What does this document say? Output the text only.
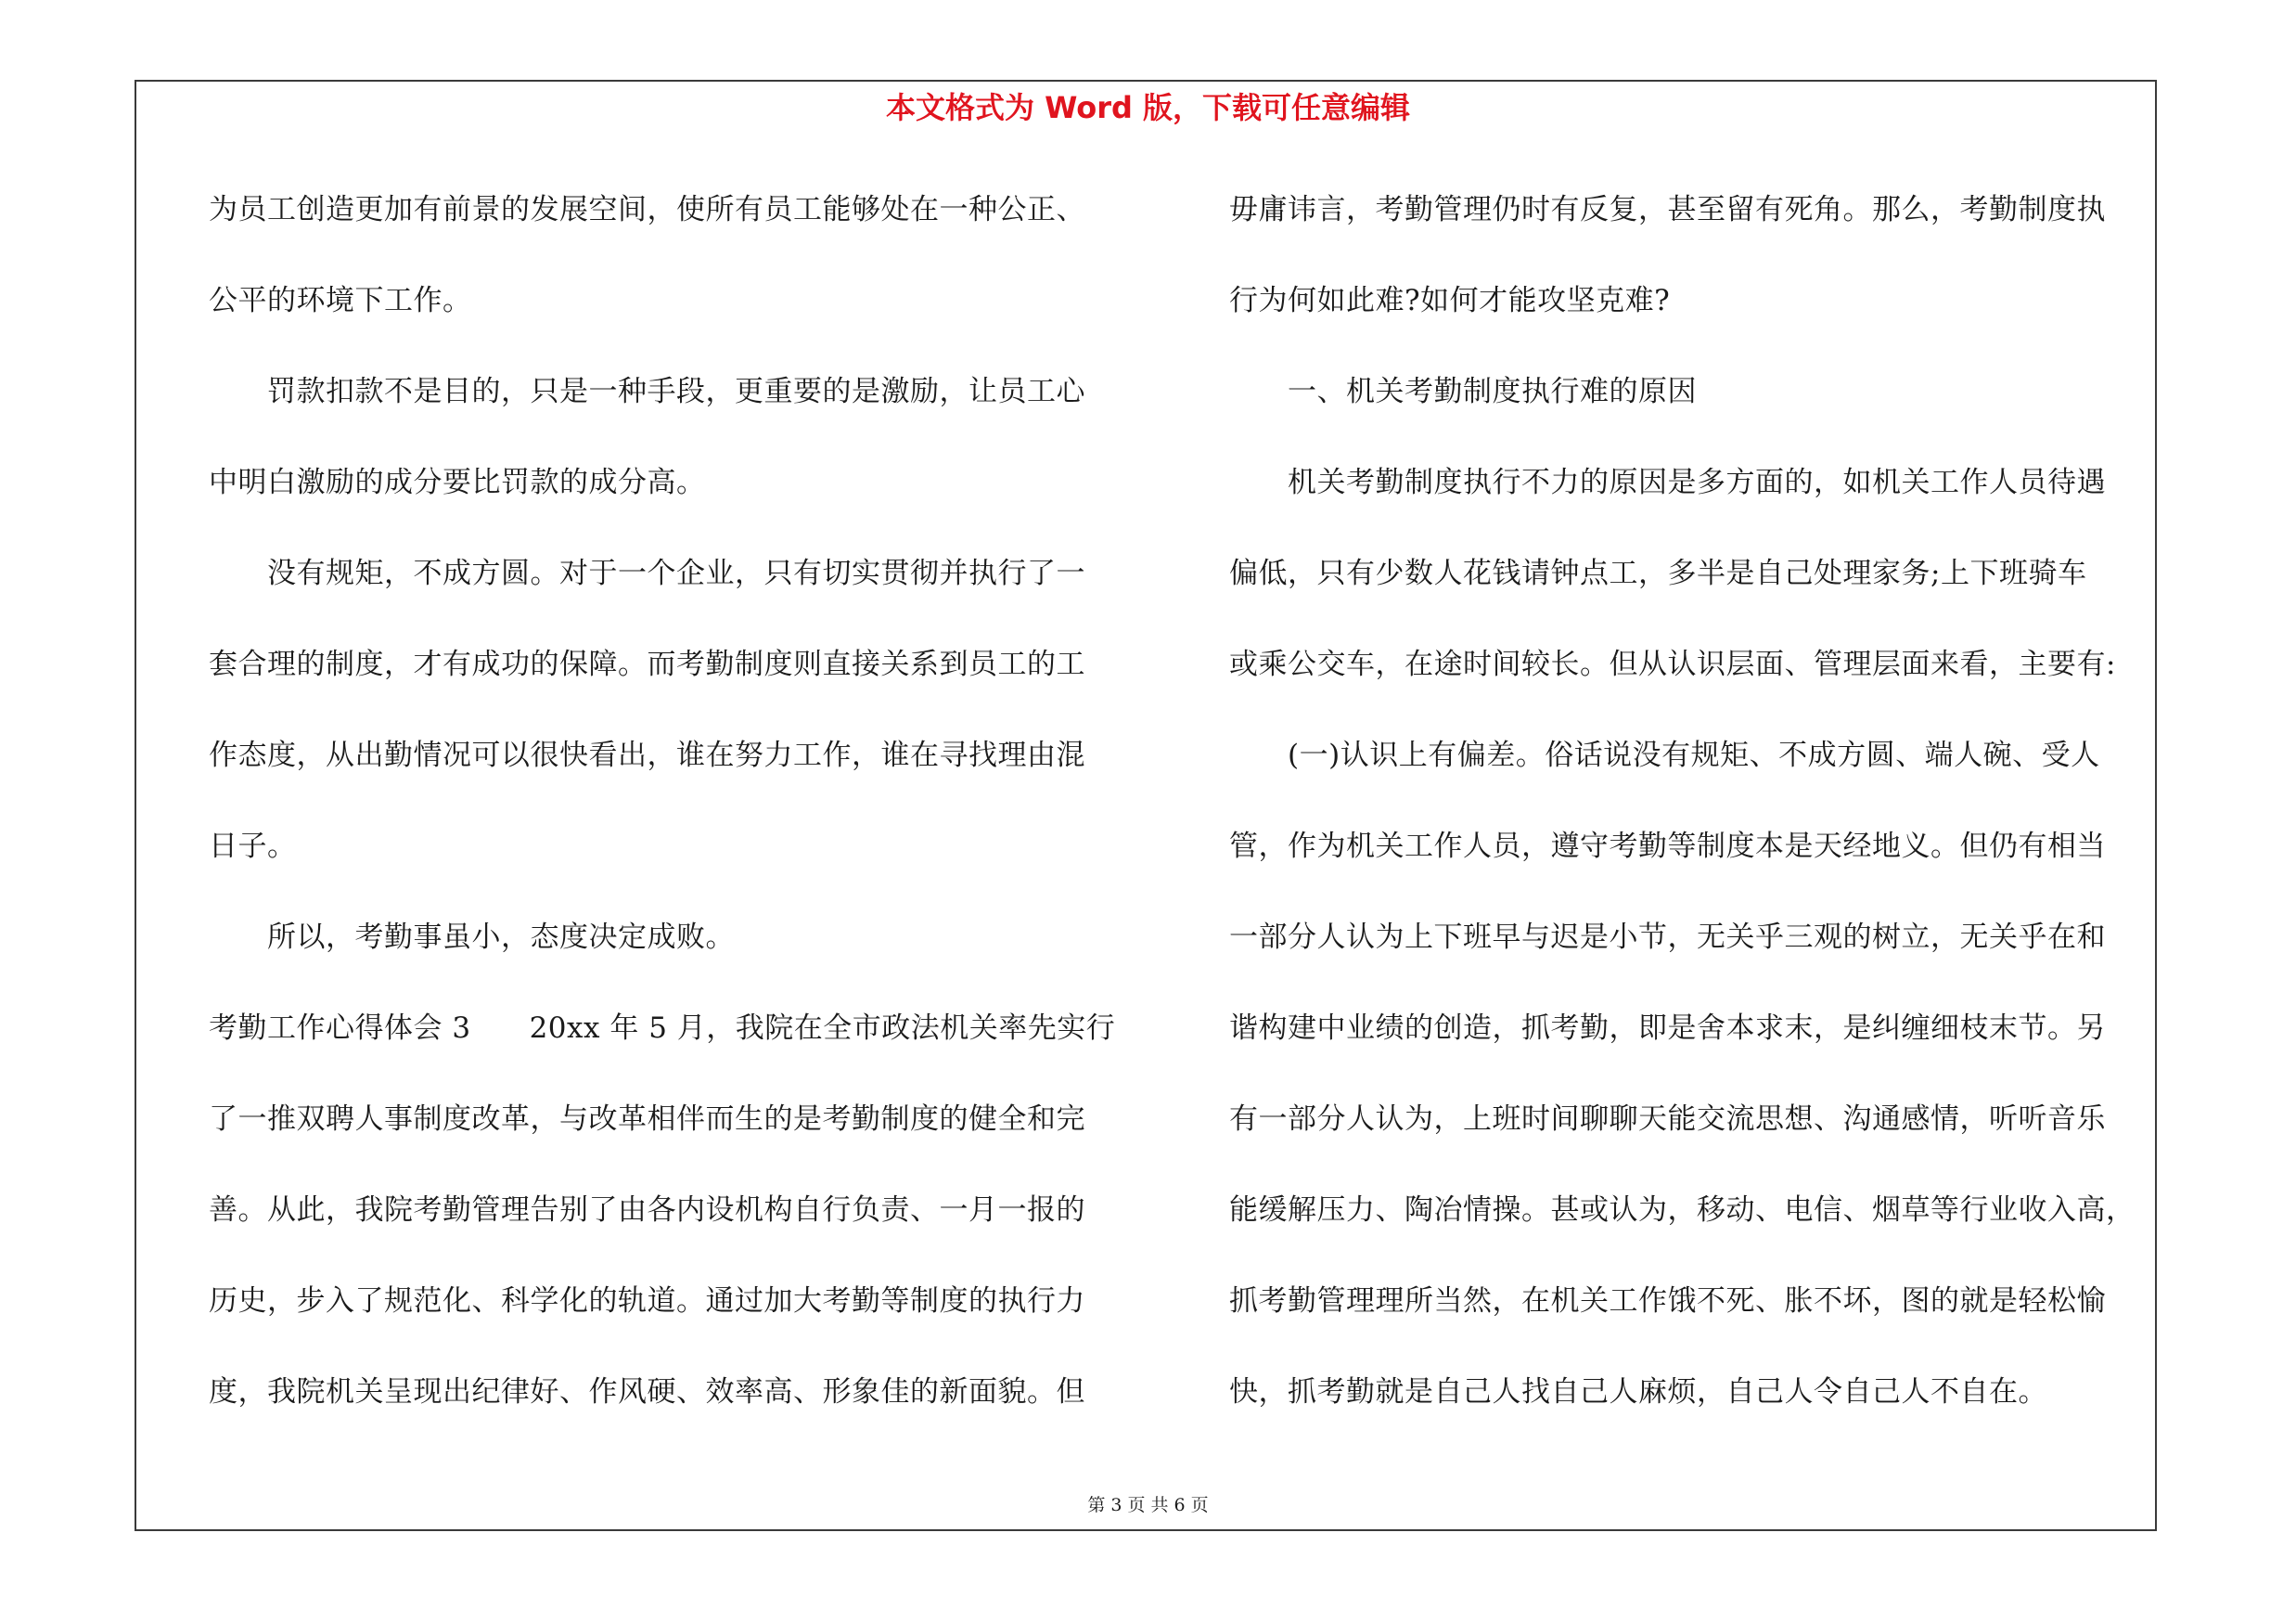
本文格式为 Word 版，下载可任意编辑
为员工创造更加有前景的发展空间，使所有员工能够处在一种公正、
公平的环境下工作。
罚款扣款不是目的，只是一种手段，更重要的是激励，让员工心
中明白激励的成分要比罚款的成分高。
没有规矩，不成方圆。对于一个企业，只有切实贯彻并执行了一
套合理的制度，才有成功的保障。而考勤制度则直接关系到员工的工
作态度，从出勤情况可以很快看出，谁在努力工作，谁在寻找理由混
日子。
所以，考勤事虽小，态度决定成败。
考勤工作心得体会 3　　20xx 年 5 月，我院在全市政法机关率先实行
了一推双聘人事制度改革，与改革相伴而生的是考勤制度的健全和完
善。从此，我院考勤管理告别了由各内设机构自行负责、一月一报的
历史，步入了规范化、科学化的轨道。通过加大考勤等制度的执行力
度，我院机关呈现出纪律好、作风硬、效率高、形象佳的新面貌。但
毋庸讳言，考勤管理仍时有反复，甚至留有死角。那么，考勤制度执
行为何如此难?如何才能攻坚克难?
一、机关考勤制度执行难的原因
机关考勤制度执行不力的原因是多方面的，如机关工作人员待遇
偏低，只有少数人花钱请钟点工，多半是自己处理家务;上下班骑车
或乘公交车，在途时间较长。但从认识层面、管理层面来看，主要有:
(一)认识上有偏差。俗话说没有规矩、不成方圆、端人碗、受人
管，作为机关工作人员，遵守考勤等制度本是天经地义。但仍有相当
一部分人认为上下班早与迟是小节，无关乎三观的树立，无关乎在和
谐构建中业绩的创造，抓考勤，即是舍本求末，是纠缠细枝末节。另
有一部分人认为，上班时间聊聊天能交流思想、沟通感情，听听音乐
能缓解压力、陶冶情操。甚或认为，移动、电信、烟草等行业收入高，
抓考勤管理理所当然，在机关工作饿不死、胀不坏，图的就是轻松愉
快，抓考勤就是自己人找自己人麻烦，自己人令自己人不自在。
第 3 页 共 6 页
